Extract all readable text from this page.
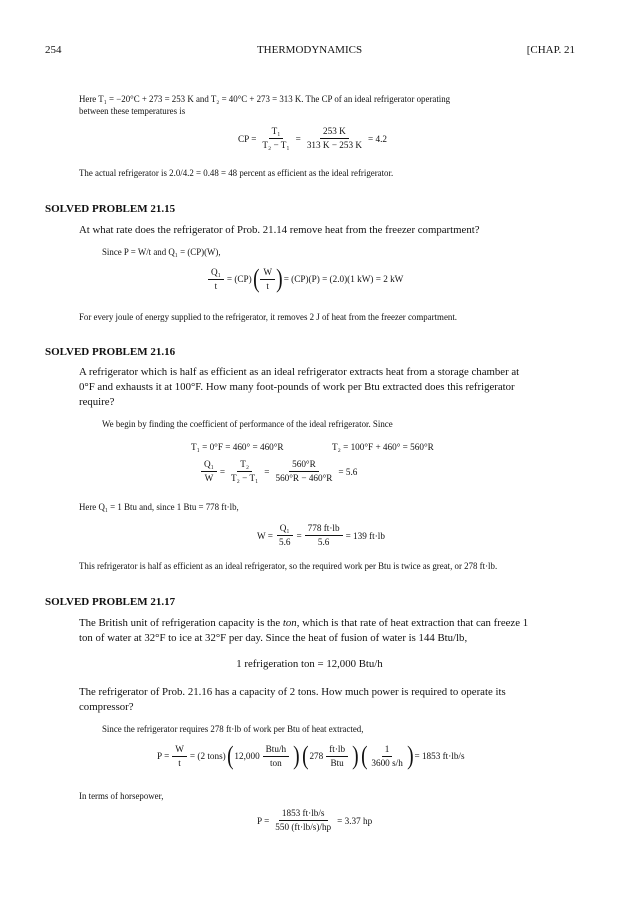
254	THERMODYNAMICS	[CHAP. 21
Here T₁ = −20°C + 273 = 253 K and T₂ = 40°C + 273 = 313 K. The CP of an ideal refrigerator operating
between these temperatures is
CP = $\frac{\text{T₁}}{\text{T₂ − T₁}} = \frac{253 K}{313 K - 253 K} = 4.2$
The actual refrigerator is 2.0/4.2 = 0.48 = 48 percent as efficient as the ideal refrigerator.
SOLVED PROBLEM 21.15
At what rate does the refrigerator of Prob. 21.14 remove heat from the freezer compartment?
Since P = W/t and Q₁ = (CP)(W),
$\frac{\text{Q₁}}{t} = (CP)$ ( $\frac{W}{t}$ ) = (CP)(P) = (2.0)(1 kW) = 2 kW
For every joule of energy supplied to the refrigerator, it removes 2 J of heat from the freezer compartment.
SOLVED PROBLEM 21.16
A refrigerator which is half as efficient as an ideal refrigerator extracts heat from a storage chamber at
0°F and exhausts it at 100°F. How many foot-pounds of work per Btu extracted does this refrigerator
require?
We begin by finding the coefficient of performance of the ideal refrigerator. Since
T₁ = 0°F = 460° = 460°R	T₂ = 100°F + 460° = 560°R
$\frac{\text{Q₁}}{W} = \frac{\text{T₂}}{\text{T₂ − T₁}} = \frac{560^\circ R}{560^\circ R - 460^\circ R} = 5.6$
Here Q₁ = 1 Btu and, since 1 Btu = 778 ft·lb,
$W = \frac{\text{Q₁}}{5.6} = \frac{778 ft\cdot lb}{5.6} = 139$ ft·lb
This refrigerator is half as efficient as an ideal refrigerator, so the required work per Btu is twice as great, or 278 ft·lb.
SOLVED PROBLEM 21.17
The British unit of refrigeration capacity is the ton, which is that rate of heat extraction that can freeze 1
ton of water at 32°F to ice at 32°F per day. Since the heat of fusion of water is 144 Btu/lb,
1 refrigeration ton = 12,000 Btu/h
The refrigerator of Prob. 21.16 has a capacity of 2 tons. How much power is required to operate its
compressor?
Since the refrigerator requires 278 ft·lb of work per Btu of heat extracted,
$P = \frac{W}{t} = (2$ tons) ( $12,000 \frac{\text{Btu/h}}{\text{ton}}$ ) ( $278 \frac{ft\cdot lb}{\text{Btu}}$ ) ( $\frac{1}{3600 s/h}$ ) = 1853 ft·lb/s
In terms of horsepower,
$P = \frac{1853 ft\cdot lb/s}{550 (ft\cdot lb/s)/hp} = 3.37$ hp
